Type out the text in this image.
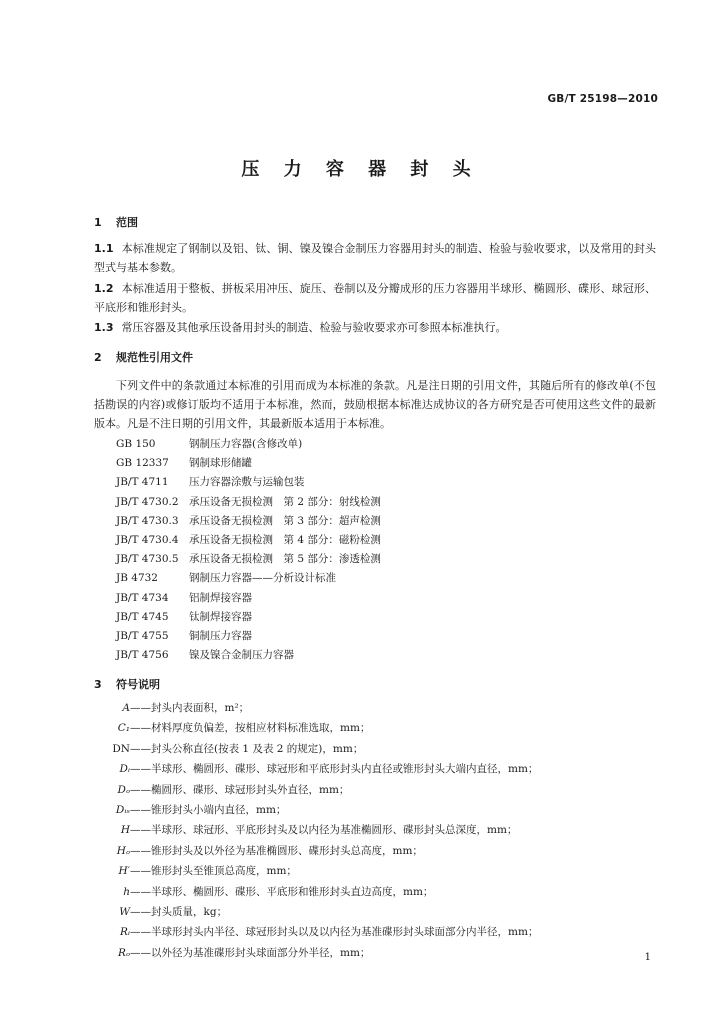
GB/T 25198—2010
压 力 容 器 封 头
1 范围
1.1 本标准规定了钢制以及铝、钛、铜、镍及镍合金制压力容器用封头的制造、检验与验收要求，以及常用的封头型式与基本参数。
1.2 本标准适用于整板、拼板采用冲压、旋压、卷制以及分瓣成形的压力容器用半球形、椭圆形、碟形、球冠形、平底形和锥形封头。
1.3 常压容器及其他承压设备用封头的制造、检验与验收要求亦可参照本标准执行。
2 规范性引用文件
下列文件中的条款通过本标准的引用而成为本标准的条款。凡是注日期的引用文件，其随后所有的修改单(不包括勘误的内容)或修订版均不适用于本标准，然而，鼓励根据本标准达成协议的各方研究是否可使用这些文件的最新版本。凡是不注日期的引用文件，其最新版本适用于本标准。
GB 150	钢制压力容器(含修改单)
GB 12337 钢制球形储罐
JB/T 4711 压力容器涂敷与运输包装
JB/T 4730.2 承压设备无损检测　第 2 部分：射线检测
JB/T 4730.3 承压设备无损检测　第 3 部分：超声检测
JB/T 4730.4 承压设备无损检测　第 4 部分：磁粉检测
JB/T 4730.5 承压设备无损检测　第 5 部分：渗透检测
JB 4732	钢制压力容器——分析设计标准
JB/T 4734 铝制焊接容器
JB/T 4745 钛制焊接容器
JB/T 4755 铜制压力容器
JB/T 4756 镍及镍合金制压力容器
3 符号说明
A——封头内表面积，m²；
C₁——材料厚度负偏差，按相应材料标准选取，mm；
DN——封头公称直径(按表 1 及表 2 的规定)，mm；
Dᵢ——半球形、椭圆形、碟形、球冠形和平底形封头内直径或锥形封头大端内直径，mm；
Dₒ——椭圆形、碟形、球冠形封头外直径，mm；
Dᵢₛ——锥形封头小端内直径，mm；
H——半球形、球冠形、平底形封头及以内径为基准椭圆形、碟形封头总深度，mm；
Hₒ——锥形封头及以外径为基准椭圆形、碟形封头总高度，mm；
H′——锥形封头至锥顶总高度，mm；
h——半球形、椭圆形、碟形、平底形和锥形封头直边高度，mm；
W——封头质量，kg；
Rᵢ——半球形封头内半径、球冠形封头以及以内径为基准碟形封头球面部分内半径，mm；
Rₒ——以外径为基准碟形封头球面部分外半径，mm；	1
